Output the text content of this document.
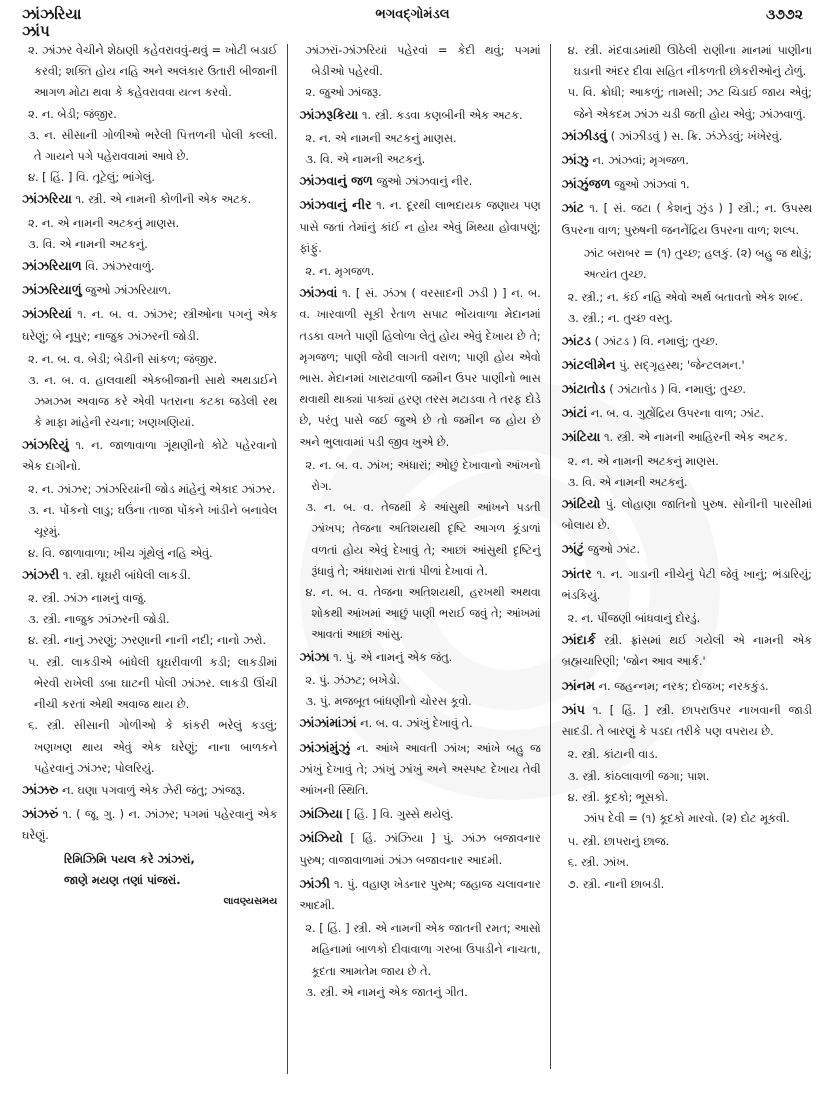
ઝાંઝરિયા
ઝાંપ
ભગવદ્ગોમંડલ	૩૭૭૨
૨. ઝાંઝર વેચીને શેઠાણી કહેવરાવવું-થવું = ખોટી બડાઈ કરવી; શક્તિ હોય નહિ અને અલંકાર ઉતારી બીજાની આગળ મોટા થવા કે કહેવરાવવા યત્ન કરવો.
૨. ન. બેડી; જંજીર.
૩. ન. સીસાની ગોળીઓ ભરેલી પિત્તળની પોલી કલ્લી. તે ગાયને પગે પહેરાવવામાં આવે છે.
૪. [ હિં. ] વિ. તૂટેલું; ભાંગેલું.
ઝાંઝરિયા ૧. સ્ત્રી. એ નામની કોળીની એક અટક.
૨. ન. એ નામની અટકનું માણસ.
૩. વિ. એ નામની અટકનું.
ઝાંઝરિયાળ વિ. ઝાંઝરવાળું.
ઝાંઝરિયાળું જુઓ ઝાંઝરિયાળ.
ઝાંઝરિયાં ૧. ન. બ. વ. ઝાંઝર; સ્ત્રીઓના પગનું એક ઘરેણું; બે નૂપુર; નાજુક ઝાંઝરની જોડી.
૨. ન. બ. વ. બેડી; બેડીની સાંકળ; જંજીર.
૩. ન. બ. વ. હાલવાથી એકબીજાની સાથે અથડાઈને ઝમઝમ અવાજ કરે એવી પતરાના કટકા જડેલી રથ કે માફા માંહેની રચના; ખણખણિયાં.
ઝાંઝરિયું ૧. ન. જાળાવાળા ગૂંથણીનો કોટે પહેરવાનો એક દાગીનો.
૨. ન. ઝાંઝર; ઝાંઝરિયાંની જોડ માંહેનું એકાદ ઝાંઝર.
૩. ન. પોંકનો લાડુ; ઘઉંના તાજા પોંકને ખાંડીને બનાવેલ ચૂરમું.
૪. વિ. જાળાવાળા; ખીચ ગૂંથેલું નહિ એવું.
ઝાંઝરી ૧. સ્ત્રી. ઘૂઘરી બાંધેલી લાકડી.
૨. સ્ત્રી. ઝાંઝ નામનું વાજું.
૩. સ્ત્રી. નાજુક ઝાંઝરની જોડી.
૪. સ્ત્રી. નાનું ઝરણું; ઝરણાની નાની નદી; નાનો ઝરો.
૫. સ્ત્રી. લાકડીએ બાંધેલી ઘૂઘરીવાળી કડી; લાકડીમાં ભેરવી રાખેલી ડબા ઘાટની પોલી ઝાંઝર. લાકડી ઊંચી નીચી કરતાં એથી અવાજ થાય છે.
૬. સ્ત્રી. સીસાની ગોળીઓ કે કાંકરી ભરેલું કડલું; ખણખણ થાય એવું એક ઘરેણું; નાના બાળકને પહેરવાનું ઝાંઝર; પોલરિયું.
ઝાંઝરુ ન. ઘણા પગવાળું એક ઝેરી જંતુ; ઝાંજરૂ.
ઝાંઝરું ૧. ( જૂ. ગુ. ) ન. ઝાંઝર; પગમાં પહેરવાનું એક ઘરેણું.
રિમિઝિમિ પયલ કરે ઝાંઝરાં,
જાણે મયણ તણાં પાંજરાં.
લાવણ્યસમય
ઝાંઝરાં-ઝાંઝરિયાં પહેરવાં = કેદી થવું; પગમાં બેડીઓ પહેરવી.
૨. જુઓ ઝાંજરૂ.
ઝાંઝરૂકિયા ૧. સ્ત્રી. કડવા કણબીની એક અટક.
૨. ન. એ નામની અટકનું માણસ.
૩. વિ. એ નામની અટકનું.
ઝાંઝવાનું જળ જુઓ ઝાંઝવાનું નીર.
ઝાંઝવાનું નીર ૧. ન. દૂરથી લાભદાયક જણાય પણ પાસે જતાં તેમાંનું કાંઈ ન હોય એવું મિથ્યા હોવાપણું; ફાંફું.
૨. ન. મૃગજળ.
ઝાંઝવાં ૧. [ સં. ઝંઝા ( વરસાદની ઝડી ) ] ન. બ. વ. ખારવાળી સૂકી રેતાળ સપાટ ભોંયવાળા મેદાનમાં તડકા વખતે પાણી હિલોળા લેતું હોય એવું દેખાય છે તે; મૃગજળ; પાણી જેવી લાગતી વરાળ; પાણી હોય એવો ભાસ. મેદાનમાં ખારાટવાળી જમીન ઉપર પાણીનો ભાસ થવાથી થાક્યાં પાક્યાં હરણ તરસ મટાડવા તે તરફ દોડે છે, પરંતુ પાસે જઈ જુએ છે તો જમીન જ હોય છે અને ભુલાવામાં પડી જીવ ખુએ છે.
૨. ન. બ. વ. ઝાંખ; અંધારાં; ઓછું દેખાવાનો આંખનો રોગ.
૩. ન. બ. વ. તેજથી કે આંસુથી આંખને પડતી ઝાંખપ; તેજના અતિશયથી દૃષ્ટિ આગળ કૂંડાળાં વળતાં હોય એવું દેખાવું તે; આછાં આંસુથી દૃષ્ટિનું રૂંધાવું તે; અંધારામાં રાતાં પીળાં દેખાવાં તે.
૪. ન. બ. વ. તેજના અતિશયથી, હરખથી અથવા શોકથી આંખમાં આછું પાણી ભરાઈ જવું તે; આંખમાં આવતાં આછાં આંસુ.
ઝાંઝા ૧. પું. એ નામનું એક જંતુ.
૨. પું. ઝંઝટ; બખેડો.
૩. પું. મજબૂત બાંધણીનો ચોરસ કૂવો.
ઝાંઝાંમાંઝાં ન. બ. વ. ઝાંખું દેખાવું તે.
ઝાંઝાંમુંઝું ન. આંખે આવતી ઝાંખ; આંખે બહુ જ ઝાંખું દેખાવું તે; ઝાંખું ઝાંખું અને અસ્પષ્ટ દેખાય તેવી આંખની સ્થિતિ.
ઝાંઝિયા [ હિં. ] વિ. ગુસ્સે થયેલું.
ઝાંઝિયો [ હિં. ઝાંઝિયા ] પું. ઝાંઝ બજાવનાર પુરુષ; વાજાવાળામાં ઝાંઝ બજાવનાર આદમી.
ઝાંઝી ૧. પું. વહાણ ખેડનાર પુરુષ; જહાજ ચલાવનાર આદમી.
૨. [ હિં. ] સ્ત્રી. એ નામની એક જાતની રમત; આસો મહિનામાં બાળકો દીવાવાળા ગરબા ઉપાડીને નાચતા, કૂદતા આમતેમ જાય છે તે.
૩. સ્ત્રી. એ નામનું એક જાતનું ગીત.
૪. સ્ત્રી. મંદવાડમાંથી ઊઠેલી રાણીના માનમાં પાણીના ઘડાની અંદર દીવા સહિત નીકળતી છોકરીઓનું ટોળું.
૫. વિ. ક્રોધી; આકળું; તામસી; ઝટ ચિડાઈ જાય એવું; જેને એકદમ ઝાંઝ ચડી જતી હોય એવું; ઝાંઝવાળું.
ઝાંઝીડવું ( ઝાંઝીડવું ) સ. ક્રિ. ઝંઝેડવું; ખંખેરવું.
ઝાંઝુ ન. ઝાંઝવાં; મૃગજળ.
ઝાંઝુંજળ જુઓ ઝાંઝવાં ૧.
ઝાંટ ૧. [ સં. જટા ( કેશનું ઝુંડ ) ] સ્ત્રી.; ન. ઉપસ્થ ઉપરના વાળ; પુરુષની જનનેંદ્રિય ઉપરના વાળ; શલ્પ.
ઝાંટ બરાબર = (૧) તુચ્છ; હલકું. (૨) બહુ જ થોડું; અત્યંત તુચ્છ.
૨. સ્ત્રી.; ન. કંઈ નહિ એવો અર્થ બતાવતો એક શબ્દ.
૩. સ્ત્રી.; ન. તુચ્છ વસ્તુ.
ઝાંટડ ( ઝાંટડ ) વિ. નમાલું; તુચ્છ.
ઝાંટલીમેન પું. સદ્ગૃહસ્થ; 'જેન્ટલમન.'
ઝાંટાતોડ ( ઝાંટાતોડ ) વિ. નમાલું; તુચ્છ.
ઝાંટાં ન. બ. વ. ગુહ્યેંદ્રિય ઉપરના વાળ; ઝાંટ.
ઝાંટિયા ૧. સ્ત્રી. એ નામની આહિરની એક અટક.
૨. ન. એ નામની અટકનું માણસ.
૩. વિ. એ નામની અટકનું.
ઝાંટિયો પું. લોહાણા જાતિનો પુરુષ. સોનીની પારસીમાં બોલાય છે.
ઝાંટું જુઓ ઝાંટ.
ઝાંતર ૧. ન. ગાડાની નીચેનું પેટી જેવું ખાનું; ભંડારિયું; ભંડકિયું.
૨. ન. પીંજણી બાંધવાનું દોરડું.
ઝાંદાર્ક સ્ત્રી. ફ્રાંસમાં થઈ ગયેલી એ નામની એક બ્રહ્મચારિણી; 'જોન આવ આર્ક.'
ઝાંનમ ન. જહન્નમ; નરક; દોજખ; નરકકુંડ.
ઝાંપ ૧. [ હિં. ] સ્ત્રી. છાપરાઉપર નાખવાની જાડી સાદડી. તે બારણું કે પડદા તરીકે પણ વપરાય છે.
૨. સ્ત્રી. કાંટાની વાડ.
૩. સ્ત્રી. કાંઠલાવાળી જગા; પાશ.
૪. સ્ત્રી. કૂદકો; ભૂસકો.
ઝાંપ દેવી = (૧) કૂદકો મારવો. (૨) દોટ મૂકવી.
૫. સ્ત્રી. છાપરાનું છાજ.
૬. સ્ત્રી. ઝાંખ.
૭. સ્ત્રી. નાની છાબડી.
